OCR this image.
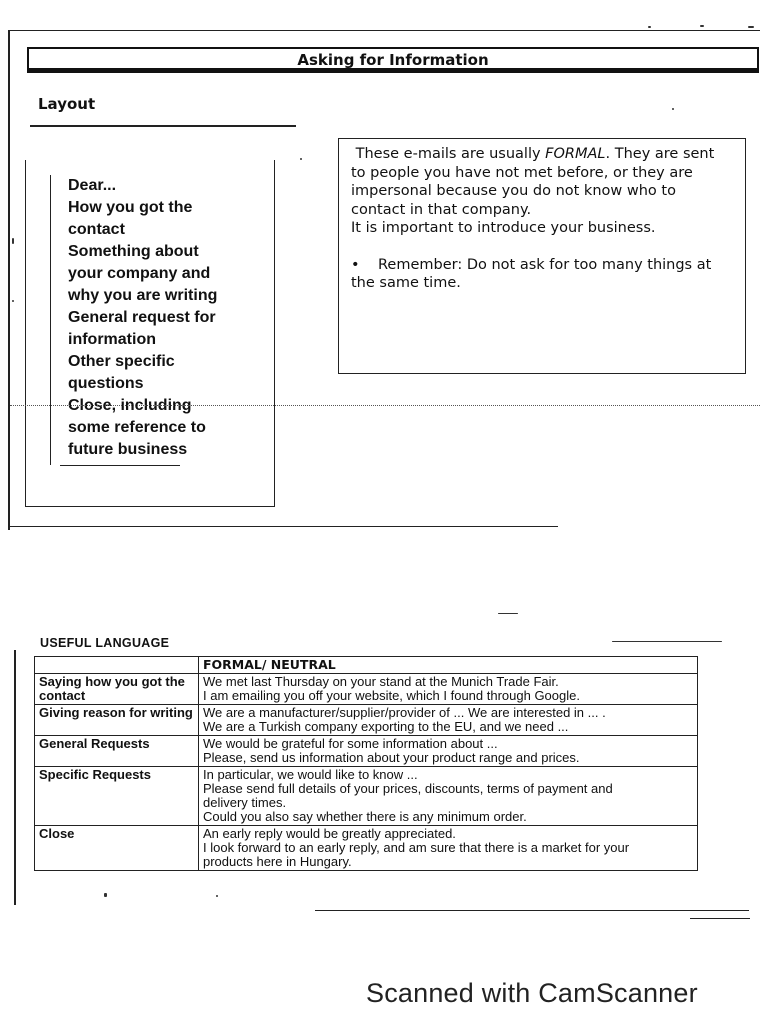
Asking for Information
Layout
Dear...
How you got the
contact
Something about
your company and
why you are writing
General request for
information
Other specific
questions
Close, including
some reference to
future business

These e-mails are usually FORMAL. They are sent to people you have not met before, or they are impersonal because you do not know who to contact in that company.

It is important to introduce your business.

• Remember: Do not ask for too many things at the same time.

USEFUL LANGUAGE
	FORMAL/ NEUTRAL
Saying how you got the contact	We met last Thursday on your stand at the Munich Trade Fair.
I am emailing you off your website, which I found through Google.

Giving reason for writing	We are a manufacturer/supplier/provider of ... We are interested in ... .
We are a Turkish company exporting to the EU, and we need ...

General Requests	We would be grateful for some information about ...
Please, send us information about your product range and prices.

Specific Requests	In particular, we would like to know ...
Please send full details of your prices, discounts, terms of payment and
delivery times.
Could you also say whether there is any minimum order.

Close	An early reply would be greatly appreciated.
I look forward to an early reply, and am sure that there is a market for your
products here in Hungary.
Scanned with CamScanner
